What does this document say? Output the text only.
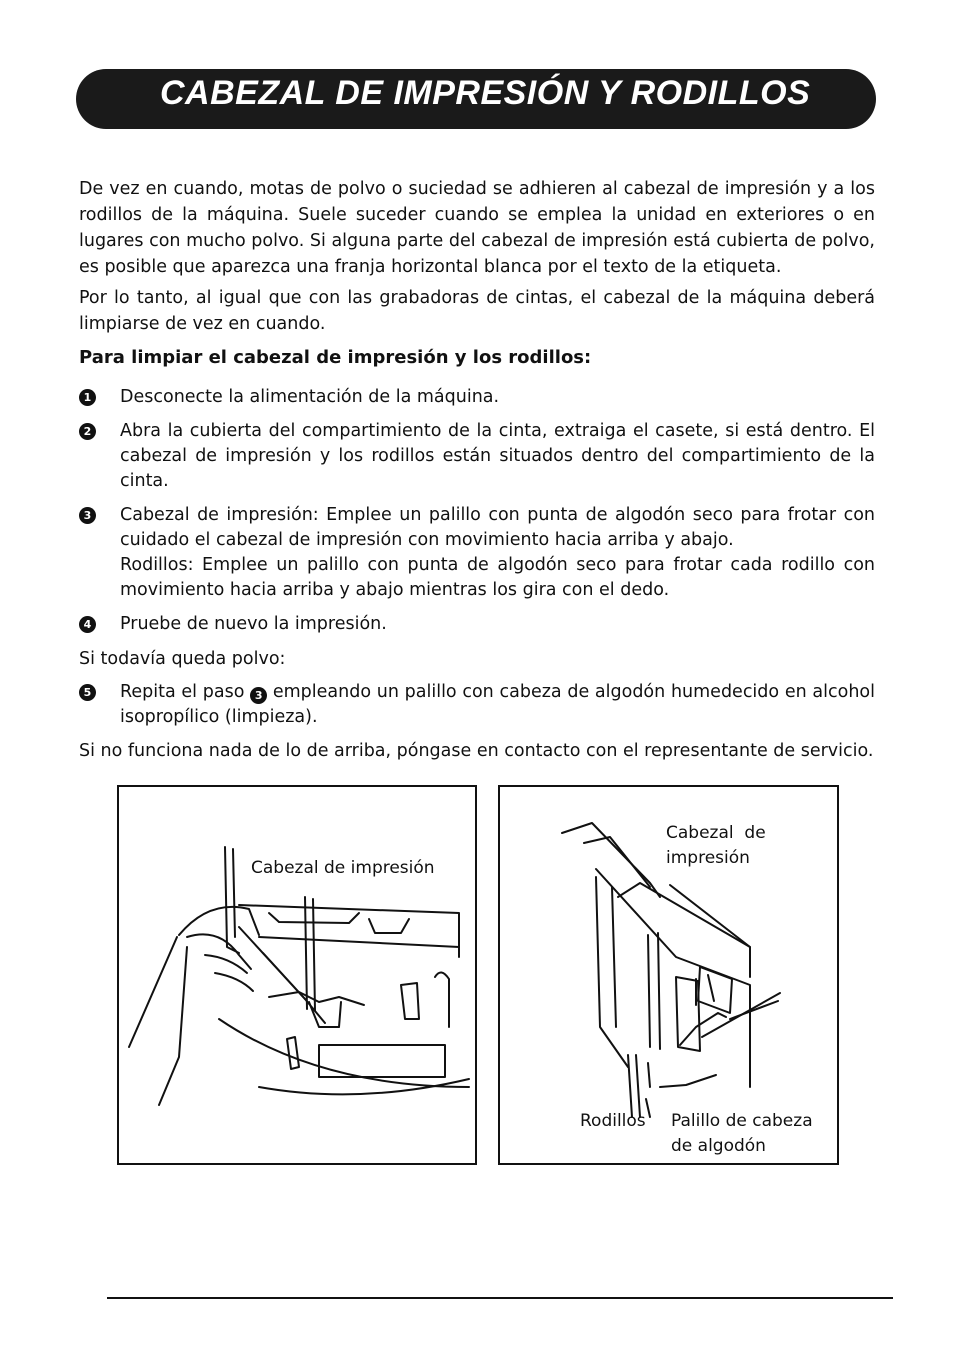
CABEZAL DE IMPRESIÓN Y RODILLOS
De vez en cuando, motas de polvo o suciedad se adhieren al cabezal de impresión y a los rodillos de la máquina. Suele suceder cuando se emplea la unidad en exteriores o en lugares con mucho polvo. Si alguna parte del cabezal de impresión está cubierta de polvo, es posible que aparezca una franja horizontal blanca por el texto de la etiqueta.
Por lo tanto, al igual que con las grabadoras de cintas, el cabezal de la máquina deberá limpiarse de vez en cuando.
Para limpiar el cabezal de impresión y los rodillos:
1 Desconecte la alimentación de la máquina.
2 Abra la cubierta del compartimiento de la cinta, extraiga el casete, si está dentro. El cabezal de impresión y los rodillos están situados dentro del compartimiento de la cinta.
3 Cabezal de impresión: Emplee un palillo con punta de algodón seco para frotar con cuidado el cabezal de impresión con movimiento hacia arriba y abajo.
Rodillos: Emplee un palillo con punta de algodón seco para frotar cada rodillo con movimiento hacia arriba y abajo mientras los gira con el dedo.
4 Pruebe de nuevo la impresión.
Si todavía queda polvo:
5 Repita el paso 3 empleando un palillo con cabeza de algodón humedecido en alcohol isopropílico (limpieza).
Si no funciona nada de lo de arriba, póngase en contacto con el representante de servicio.
Cabezal de impresión
Cabezal  de
impresión
Rodillos Palillo de cabeza
de algodón
